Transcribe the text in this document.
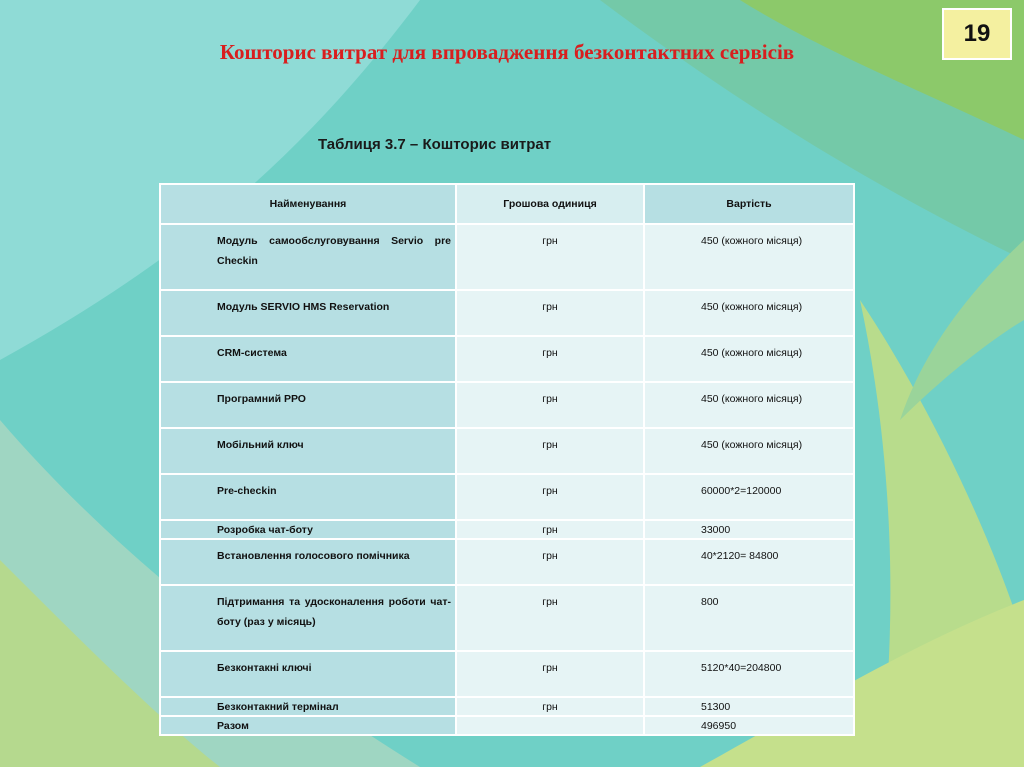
19
Кошторис витрат для впровадження безконтактних сервісів
Таблиця 3.7 – Кошторис витрат
Найменування	Грошова одиниця	Вартість
Модуль самообслуговування Servio pre Checkin	грн	450 (кожного місяця)
Модуль SERVIO HMS Reservation	грн	450 (кожного місяця)
CRM-система	грн	450 (кожного місяця)
Програмний РРО	грн	450 (кожного місяця)
Мобільний ключ	грн	450 (кожного місяця)
Pre-checkin	грн	60000*2=120000
Розробка чат-боту	грн	33000
Встановлення голосового помічника	грн	40*2120= 84800
Підтримання та удосконалення роботи чат-боту (раз у місяць)	грн	800
Безконтакні ключі	грн	5120*40=204800
Безконтакний термінал	грн	51300
Разом		496950
